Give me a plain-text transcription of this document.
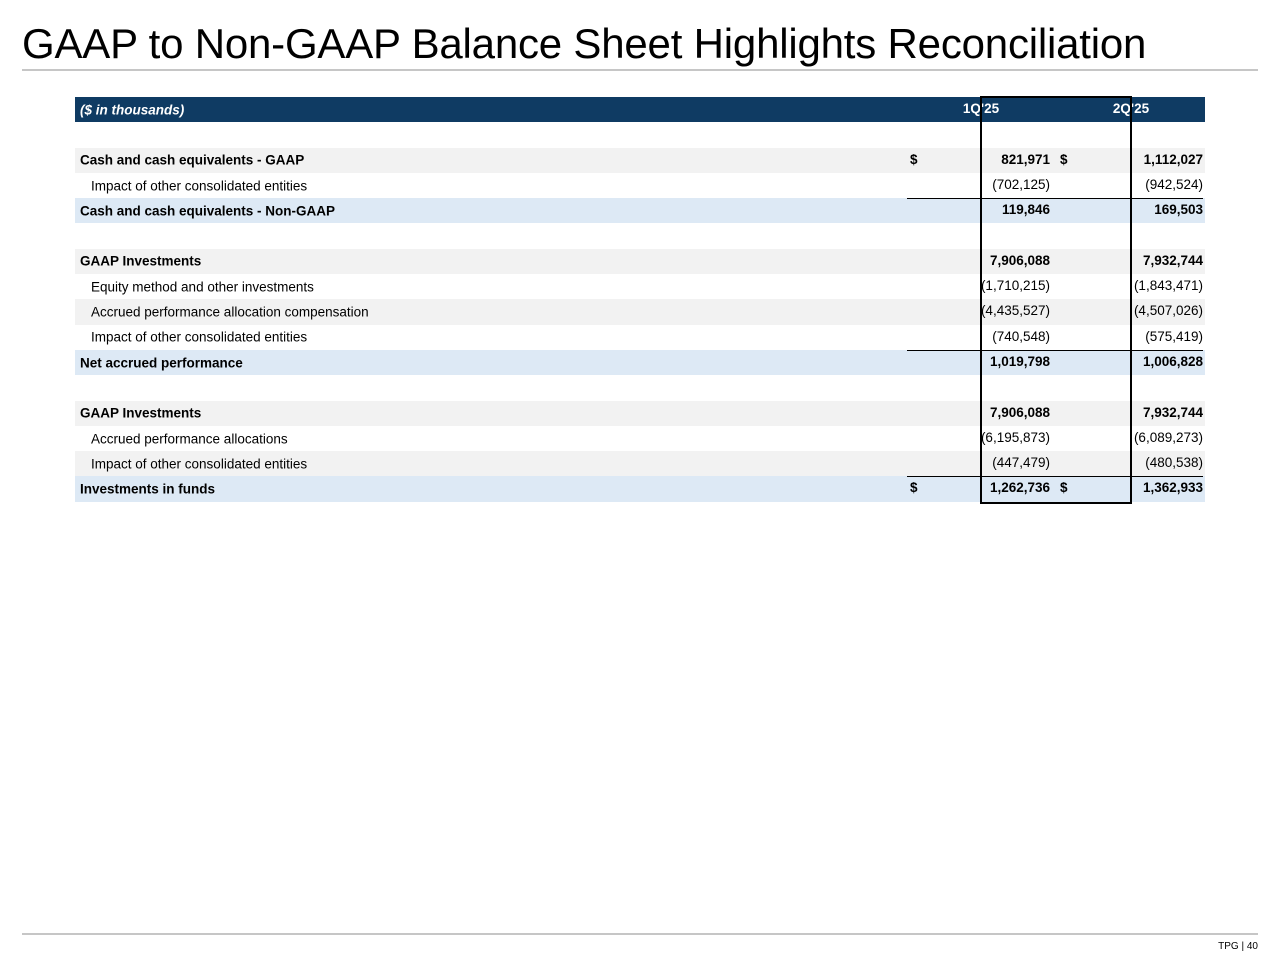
GAAP to Non-GAAP Balance Sheet Highlights Reconciliation
($ in thousands)	1Q'25	2Q'25
Cash and cash equivalents - GAAP	$	821,971 $	1,112,027
Impact of other consolidated entities	(702,125)	(942,524)
Cash and cash equivalents - Non-GAAP	119,846	169,503
GAAP Investments	7,906,088	7,932,744
Equity method and other investments	(1,710,215)	(1,843,471)
Accrued performance allocation compensation	(4,435,527)	(4,507,026)
Impact of other consolidated entities	(740,548)	(575,419)
Net accrued performance	1,019,798	1,006,828
GAAP Investments	7,906,088	7,932,744
Accrued performance allocations	(6,195,873)	(6,089,273)
Impact of other consolidated entities	(447,479)	(480,538)
Investments in funds	$	1,262,736 $	1,362,933
TPG | 40
